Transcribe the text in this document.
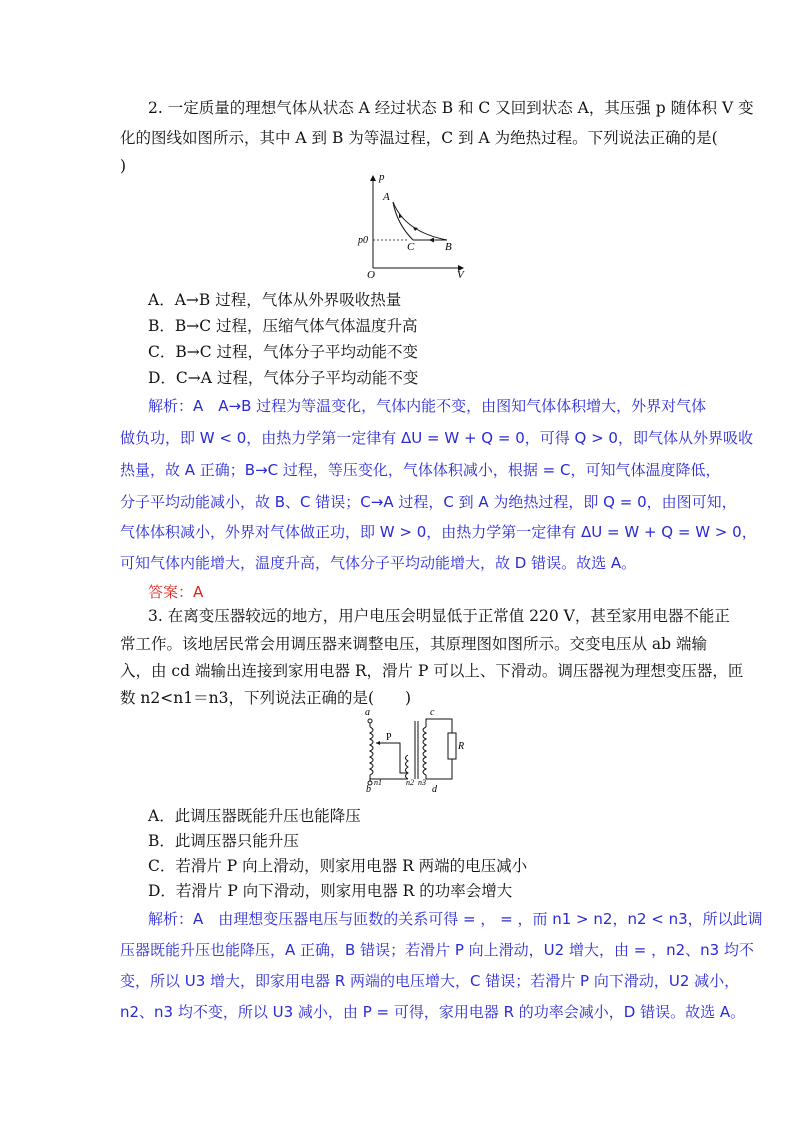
2. 一定质量的理想气体从状态 A 经过状态 B 和 C 又回到状态 A，其压强 p 随体积 V 变
化的图线如图所示，其中 A 到 B 为等温过程，C 到 A 为绝热过程。下列说法正确的是(
)
p
V
O
p0
A
B
C
A．A→B 过程，气体从外界吸收热量
B．B→C 过程，压缩气体气体温度升高
C．B→C 过程，气体分子平均动能不变
D．C→A 过程，气体分子平均动能不变
解析：A　A→B 过程为等温变化，气体内能不变，由图知气体体积增大，外界对气体
做负功，即 W < 0，由热力学第一定律有 ΔU = W + Q = 0，可得 Q > 0，即气体从外界吸收
热量，故 A 正确；B→C 过程，等压变化，气体体积减小，根据 = C，可知气体温度降低，
分子平均动能减小，故 B、C 错误；C→A 过程，C 到 A 为绝热过程，即 Q = 0，由图可知，
气体体积减小，外界对气体做正功，即 W > 0，由热力学第一定律有 ΔU = W + Q = W > 0，
可知气体内能增大，温度升高，气体分子平均动能增大，故 D 错误。故选 A。
答案：A
3. 在离变压器较远的地方，用户电压会明显低于正常值 220 V，甚至家用电器不能正
常工作。该地居民常会用调压器来调整电压，其原理图如图所示。交变电压从 ab 端输
入，由 cd 端输出连接到家用电器 R，滑片 P 可以上、下滑动。调压器视为理想变压器，匝
数 n2<n1＝n3，下列说法正确的是(　　)
a	c
b
n1
P
n2 n3
R
d
A．此调压器既能升压也能降压
B．此调压器只能升压
C．若滑片 P 向上滑动，则家用电器 R 两端的电压减小
D．若滑片 P 向下滑动，则家用电器 R 的功率会增大
解析：A　由理想变压器电压与匝数的关系可得 = ， = ，而 n1 > n2，n2 < n3，所以此调
压器既能升压也能降压，A 正确，B 错误；若滑片 P 向上滑动，U2 增大，由 = ，n2、n3 均不
变，所以 U3 增大，即家用电器 R 两端的电压增大，C 错误；若滑片 P 向下滑动，U2 减小，
n2、n3 均不变，所以 U3 减小，由 P = 可得，家用电器 R 的功率会减小，D 错误。故选 A。
